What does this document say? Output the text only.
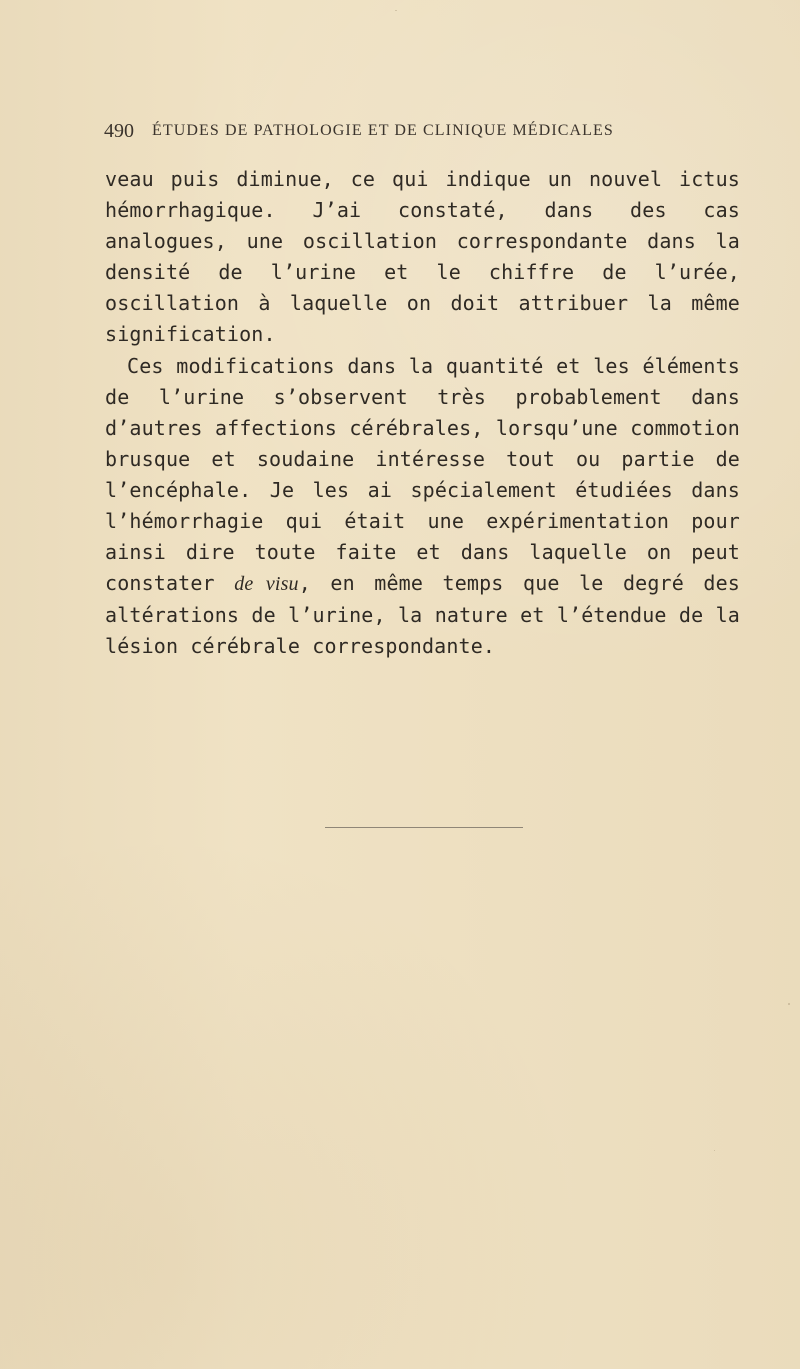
490 ÉTUDES DE PATHOLOGIE ET DE CLINIQUE MÉDICALES

veau puis diminue, ce qui indique un nouvel ictus hémorrhagique. J’ai constaté, dans des cas analogues, une oscillation correspondante dans la densité de l’urine et le chiffre de l’urée, oscillation à laquelle on doit attribuer la même signification.

Ces modifications dans la quantité et les éléments de l’urine s’observent très probablement dans d’autres affections cérébrales, lorsqu’une commotion brusque et soudaine intéresse tout ou partie de l’encéphale. Je les ai spécialement étudiées dans l’hémorrhagie qui était une expérimentation pour ainsi dire toute faite et dans laquelle on peut constater de visu, en même temps que le degré des altérations de l’urine, la nature et l’étendue de la lésion cérébrale correspondante.
